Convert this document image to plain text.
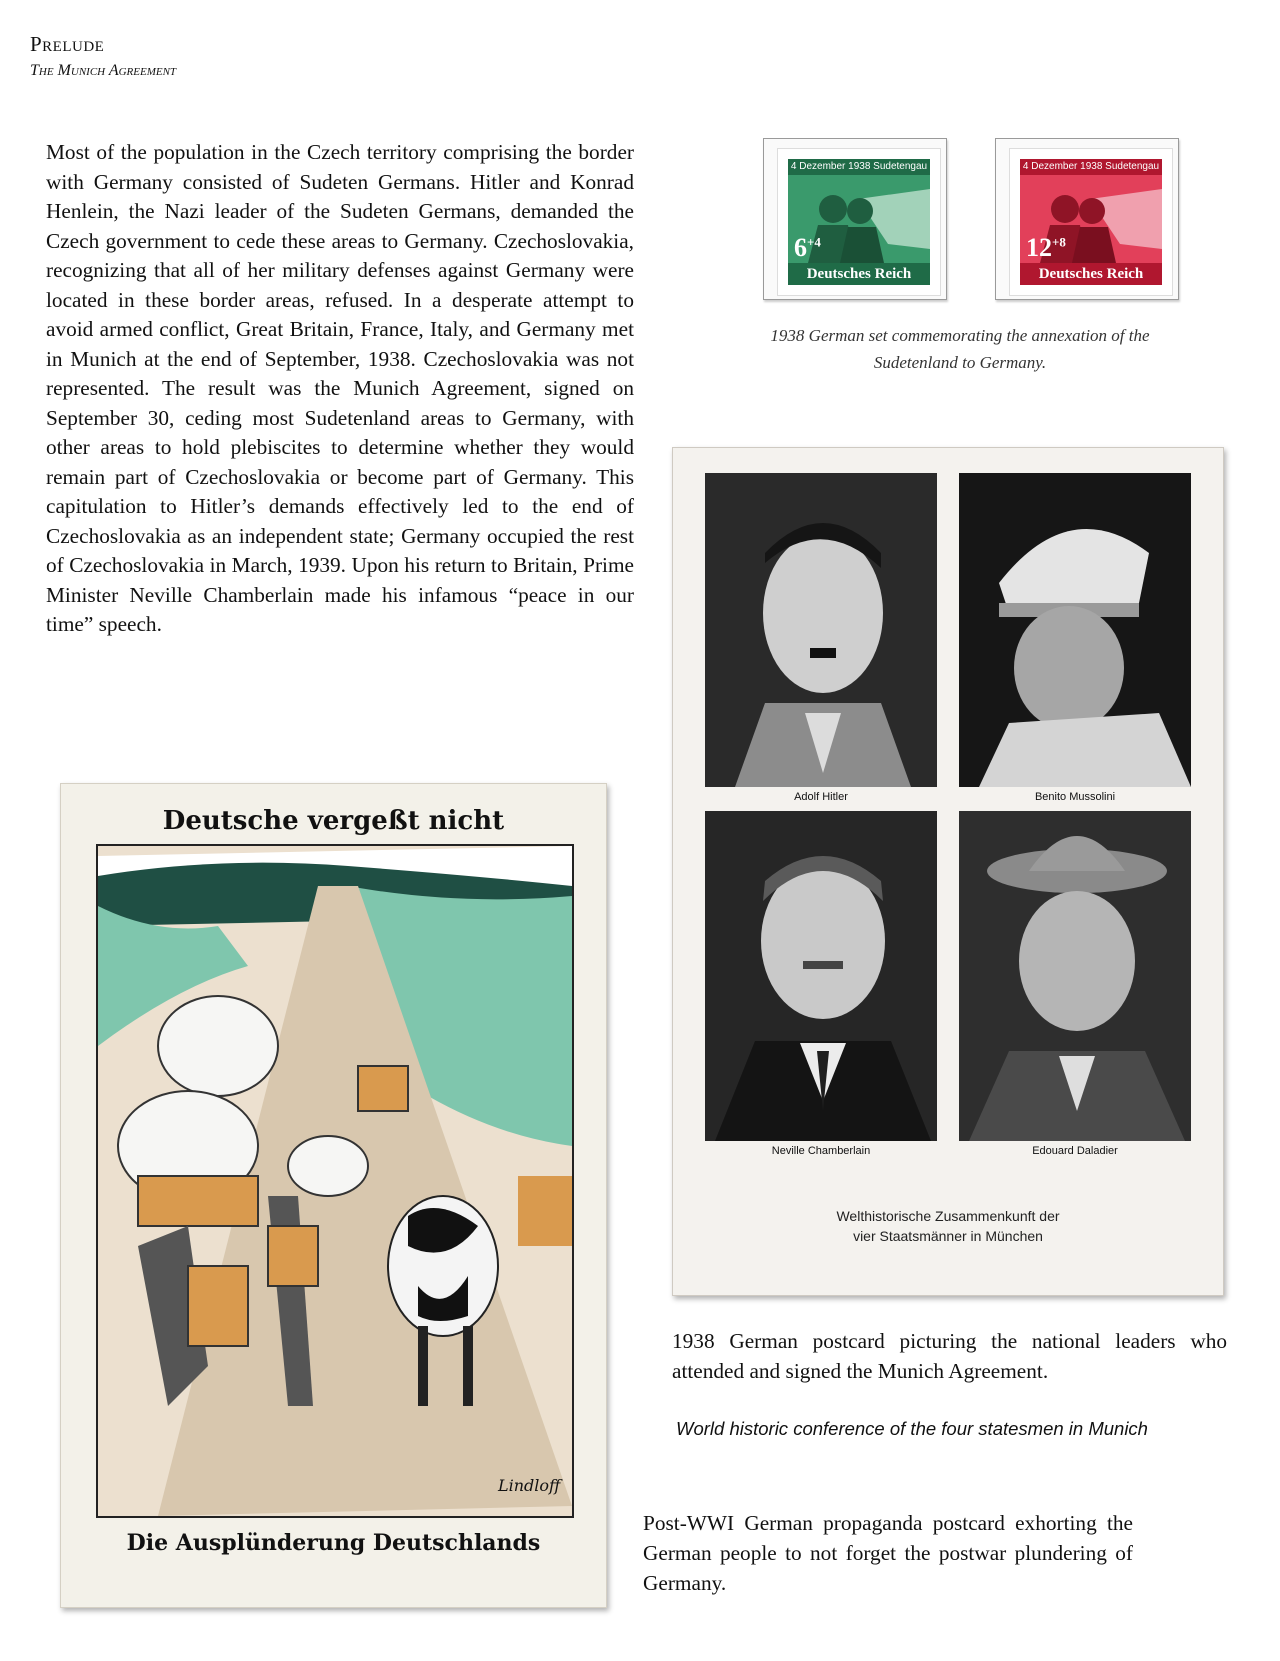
Prelude
The Munich Agreement
Most of the population in the Czech territory comprising the border with Germany consisted of Sudeten Germans. Hitler and Konrad Henlein, the Nazi leader of the Sudeten Germans, demanded the Czech government to cede these areas to Germany. Czechoslovakia, recognizing that all of her military defenses against Germany were located in these border areas, refused. In a desperate attempt to avoid armed conflict, Great Britain, France, Italy, and Germany met in Munich at the end of September, 1938. Czechoslovakia was not represented. The result was the Munich Agreement, signed on September 30, ceding most Sudetenland areas to Germany, with other areas to hold plebiscites to determine whether they would remain part of Czechoslovakia or become part of Germany. This capitulation to Hitler’s demands effectively led to the end of Czechoslovakia as an independent state; Germany occupied the rest of Czechoslovakia in March, 1939. Upon his return to Britain, Prime Minister Neville Chamberlain made his infamous “peace in our time” speech.
4 Dezember 1938 Sudetengau
$6^{+4}$
Deutsches Reich
4 Dezember 1938 Sudetengau
$12^{+8}$
Deutsches Reich
1938 German set commemorating the annexation of the Sudetenland to Germany.
Adolf Hitler	Benito Mussolini
Neville Chamberlain	Edouard Daladier
Welthistorische Zusammenkunft der
vier Staatsmänner in München
1938 German postcard picturing the national leaders who attended and signed the Munich Agreement.
World historic conference of the four statesmen in Munich
Deutsche vergeßt nicht
Lindloff
Die Ausplünderung Deutschlands
Post-WWI German propaganda postcard exhorting the German people to not forget the postwar plundering of Germany.
